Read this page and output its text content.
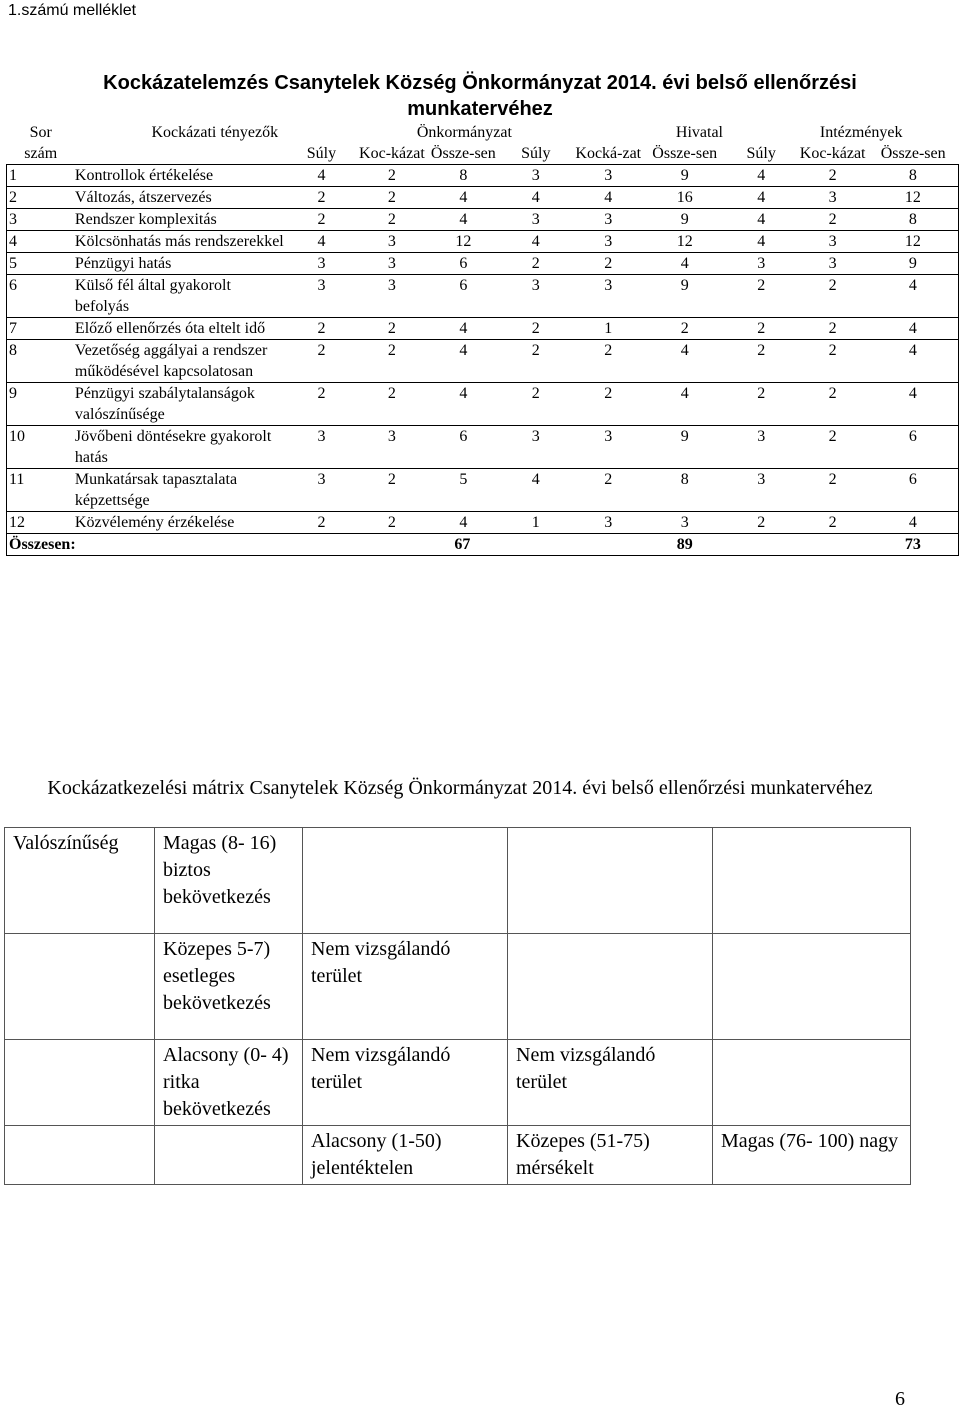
1.számú melléklet
Kockázatelemzés Csanytelek Község Önkormányzat 2014. évi belső ellenőrzési munkatervéhez
Sor	Kockázati tényezők		Önkormányzat			Hivatal		Intézmények		
szám		Súly	Koc-kázat	Össze-sen	Súly	Kocká-zat	Össze-sen	Súly	Koc-kázat	Össze-sen
1	Kontrollok értékelése	4	2	8	3	3	9	4	2	8
2	Változás, átszervezés	2	2	4	4	4	16	4	3	12
3	Rendszer komplexitás	2	2	4	3	3	9	4	2	8
4	Kölcsönhatás más rendszerekkel	4	3	12	4	3	12	4	3	12
5	Pénzügyi hatás	3	3	6	2	2	4	3	3	9
6	Külső fél által gyakorolt befolyás	3	3	6	3	3	9	2	2	4
7	Előző ellenőrzés óta eltelt idő	2	2	4	2	1	2	2	2	4
8	Vezetőség aggályai a rendszer működésével kapcsolatosan	2	2	4	2	2	4	2	2	4
9	Pénzügyi szabálytalanságok valószínűsége	2	2	4	2	2	4	2	2	4
10	Jövőbeni döntésekre gyakorolt hatás	3	3	6	3	3	9	3	2	6
11	Munkatársak tapasztalata képzettsége	3	2	5	4	2	8	3	2	6
12	Közvélemény érzékelése	2	2	4	1	3	3	2	2	4
Összesen:				67			89			73
Kockázatkezelési mátrix Csanytelek Község Önkormányzat 2014. évi belső ellenőrzési munkatervéhez
Valószínűség	Magas (8- 16) biztos bekövetkezés			
	Közepes 5-7) esetleges bekövetkezés	Nem vizsgálandó terület		
	Alacsony (0- 4) ritka bekövetkezés	Nem vizsgálandó terület	Nem vizsgálandó terület	
		Alacsony (1-50) jelentéktelen	Közepes (51-75) mérsékelt	Magas (76- 100) nagy
6
